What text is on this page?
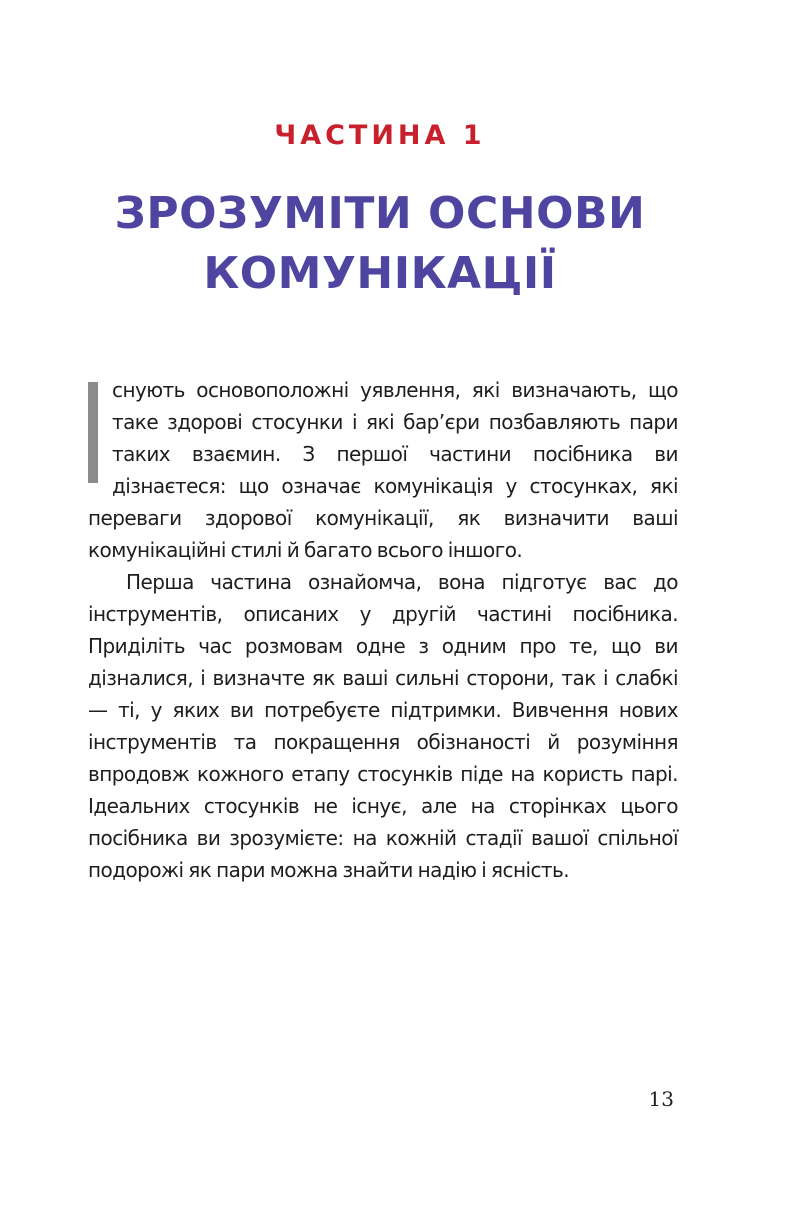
ЧАСТИНА 1
ЗРОЗУМІТИ ОСНОВИ
КОМУНІКАЦІЇ

снують основоположні уявлення, які визначають, що таке здорові стосунки і які бар’єри позбавляють пари таких взаємин. З першої частини посібника ви дізнаєтеся: що означає комунікація у стосунках, які переваги здорової комунікації, як визначити ваші комунікаційні стилі й багато всього іншого.

Перша частина ознайомча, вона підготує вас до інструментів, описаних у другій частині посібника. Приділіть час розмовам одне з одним про те, що ви дізналися, і визначте як ваші сильні сторони, так і слабкі — ті, у яких ви потребуєте підтримки. Вивчення нових інструментів та покращення обізнаності й розуміння впродовж кожного етапу стосунків піде на користь парі. Ідеальних стосунків не існує, але на сторінках цього посібника ви зрозумієте: на кожній стадії вашої спільної подорожі як пари можна знайти надію і ясність.

13
